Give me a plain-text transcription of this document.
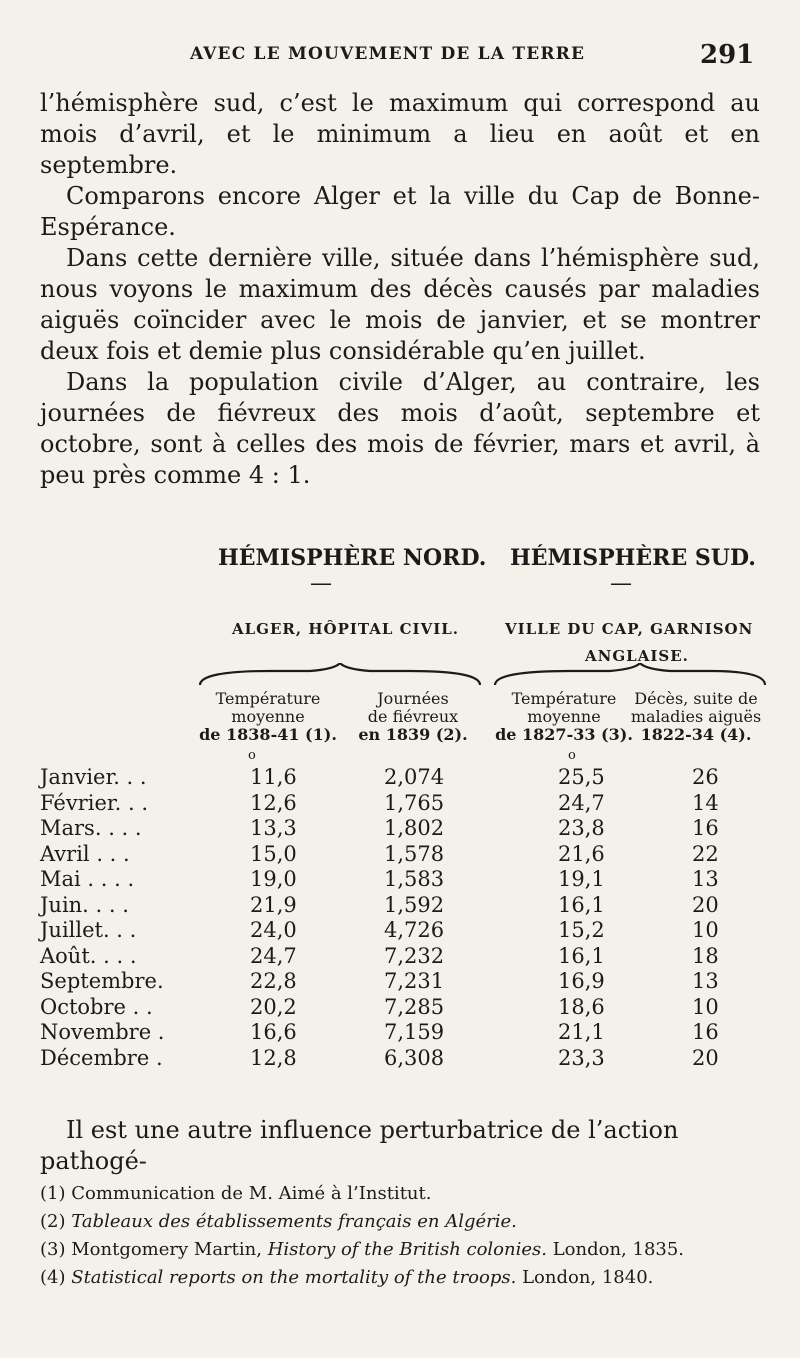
AVEC LE MOUVEMENT DE LA TERRE	291

l’hémisphère sud, c’est le maximum qui correspond au mois d’avril, et le minimum a lieu en août et en septembre.

Comparons encore Alger et la ville du Cap de Bonne-Espérance.

Dans cette dernière ville, située dans l’hémisphère sud, nous voyons le maximum des décès causés par maladies aiguës coïncider avec le mois de janvier, et se montrer deux fois et demie plus considérable qu’en juillet.

Dans la population civile d’Alger, au contraire, les journées de fiévreux des mois d’août, septembre et octobre, sont à celles des mois de février, mars et avril, à peu près comme 4 : 1.

HÉMISPHÈRE NORD. HÉMISPHÈRE SUD.
—	—
ALGER, HÔPITAL CIVIL.	VILLE DU CAP, GARNISON
ANGLAISE.
Température
moyenne
de 1838-41 (1).
Journées
de fiévreux
en 1839 (2).
Température
moyenne
de 1827-33 (3).
Décès, suite de
maladies aiguës
1822-34 (4).
o	o
Janvier. . .	11,6	2,074	25,5	26
Février. . .	12,6	1,765	24,7	14
Mars. . . .	13,3	1,802	23,8	16
Avril . . .	15,0	1,578	21,6	22
Mai . . . .	19,0	1,583	19,1	13
Juin. . . .	21,9	1,592	16,1	20
Juillet. . .	24,0	4,726	15,2	10
Août. . . .	24,7	7,232	16,1	18
Septembre.	22,8	7,231	16,9	13
Octobre . .	20,2	7,285	18,6	10
Novembre .	16,6	7,159	21,1	16
Décembre .	12,8	6,308	23,3	20

Il est une autre influence perturbatrice de l’action pathogé-

(1) Communication de M. Aimé à l’Institut.

(2) Tableaux des établissements français en Algérie.

(3) Montgomery Martin, History of the British colonies. London, 1835.

(4) Statistical reports on the mortality of the troops. London, 1840.
